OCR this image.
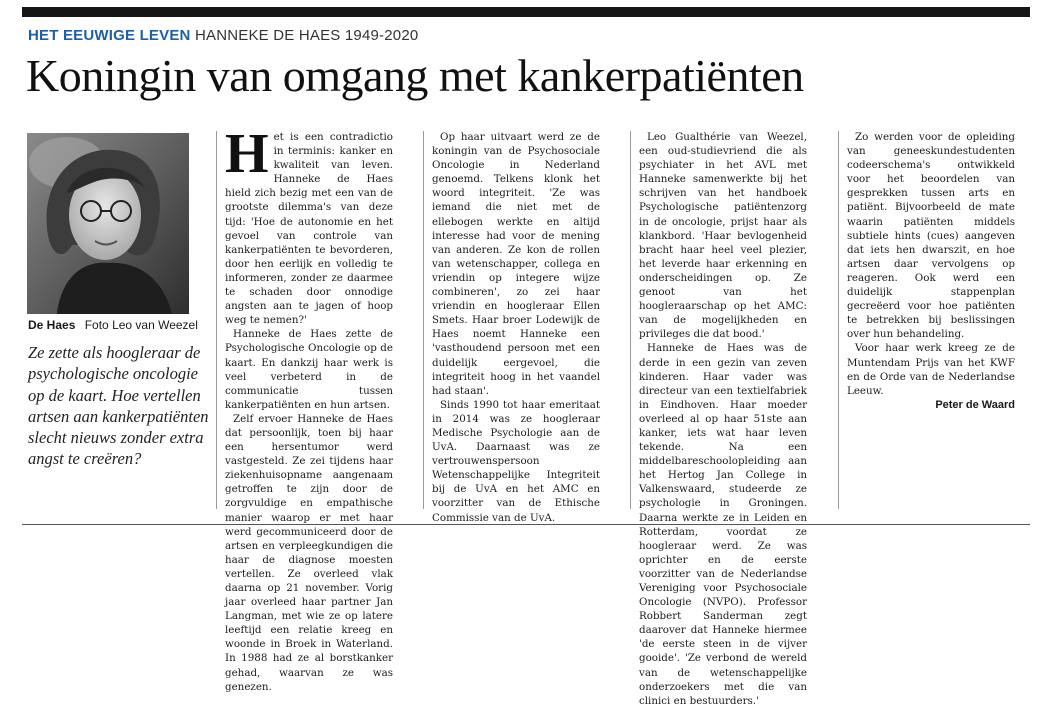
HET EEUWIGE LEVEN HANNEKE DE HAES 1949-2020
Koningin van omgang met kankerpatiënten
De Haes Foto Leo van Weezel
Ze zette als hoogleraar de psychologische oncologie op de kaart. Hoe vertellen artsen aan kankerpatiënten slecht nieuws zonder extra angst te creëren?

Het is een contradictio in terminis: kanker en kwaliteit van leven. Hanneke de Haes hield zich bezig met een van de grootste dilemma's van deze tijd: 'Hoe de autonomie en het gevoel van controle van kankerpatiënten te bevorderen, door hen eerlijk en volledig te informeren, zonder ze daarmee te schaden door onnodige angsten aan te jagen of hoop weg te nemen?'

Hanneke de Haes zette de Psychologische Oncologie op de kaart. En dankzij haar werk is veel verbeterd in de communicatie tussen kankerpatiënten en hun artsen.

Zelf ervoer Hanneke de Haes dat persoonlijk, toen bij haar een hersentumor werd vastgesteld. Ze zei tijdens haar ziekenhuisopname aangenaam getroffen te zijn door de zorgvuldige en empathische manier waarop er met haar werd gecommuniceerd door de artsen en verpleegkundigen die haar de diagnose moesten vertellen. Ze overleed vlak daarna op 21 november. Vorig jaar overleed haar partner Jan Langman, met wie ze op latere leeftijd een relatie kreeg en woonde in Broek in Waterland. In 1988 had ze al borstkanker gehad, waarvan ze was genezen.

Op haar uitvaart werd ze de koningin van de Psychosociale Oncologie in Nederland genoemd. Telkens klonk het woord integriteit. 'Ze was iemand die niet met de ellebogen werkte en altijd interesse had voor de mening van anderen. Ze kon de rollen van wetenschapper, collega en vriendin op integere wijze combineren', zo zei haar vriendin en hoogleraar Ellen Smets. Haar broer Lodewijk de Haes noemt Hanneke een 'vasthoudend persoon met een duidelijk eergevoel, die integriteit hoog in het vaandel had staan'.

Sinds 1990 tot haar emeritaat in 2014 was ze hoogleraar Medische Psychologie aan de UvA. Daarnaast was ze vertrouwenspersoon Wetenschappelijke Integriteit bij de UvA en het AMC en voorzitter van de Ethische Commissie van de UvA.

Leo Gualthérie van Weezel, een oud-studievriend die als psychiater in het AVL met Hanneke samenwerkte bij het schrijven van het handboek Psychologische patiëntenzorg in de oncologie, prijst haar als klankbord. 'Haar bevlogenheid bracht haar heel veel plezier, het leverde haar erkenning en onderscheidingen op. Ze genoot van het hoogleraarschap op het AMC: van de mogelijkheden en privileges die dat bood.'

Hanneke de Haes was de derde in een gezin van zeven kinderen. Haar vader was directeur van een textielfabriek in Eindhoven. Haar moeder overleed al op haar 51ste aan kanker, iets wat haar leven tekende. Na een middelbareschoolopleiding aan het Hertog Jan College in Valkenswaard, studeerde ze psychologie in Groningen. Daarna werkte ze in Leiden en Rotterdam, voordat ze hoogleraar werd. Ze was oprichter en de eerste voorzitter van de Nederlandse Vereniging voor Psychosociale Oncologie (NVPO). Professor Robbert Sanderman zegt daarover dat Hanneke hiermee 'de eerste steen in de vijver gooide'. 'Ze verbond de wereld van de wetenschappelijke onderzoekers met die van clinici en bestuurders.'

Zo werden voor de opleiding van geneeskundestudenten codeerschema's ontwikkeld voor het beoordelen van gesprekken tussen arts en patiënt. Bijvoorbeeld de mate waarin patiënten middels subtiele hints (cues) aangeven dat iets hen dwarszit, en hoe artsen daar vervolgens op reageren. Ook werd een duidelijk stappenplan gecreëerd voor hoe patiënten te betrekken bij beslissingen over hun behandeling.

Voor haar werk kreeg ze de Muntendam Prijs van het KWF en de Orde van de Nederlandse Leeuw.

Peter de Waard
